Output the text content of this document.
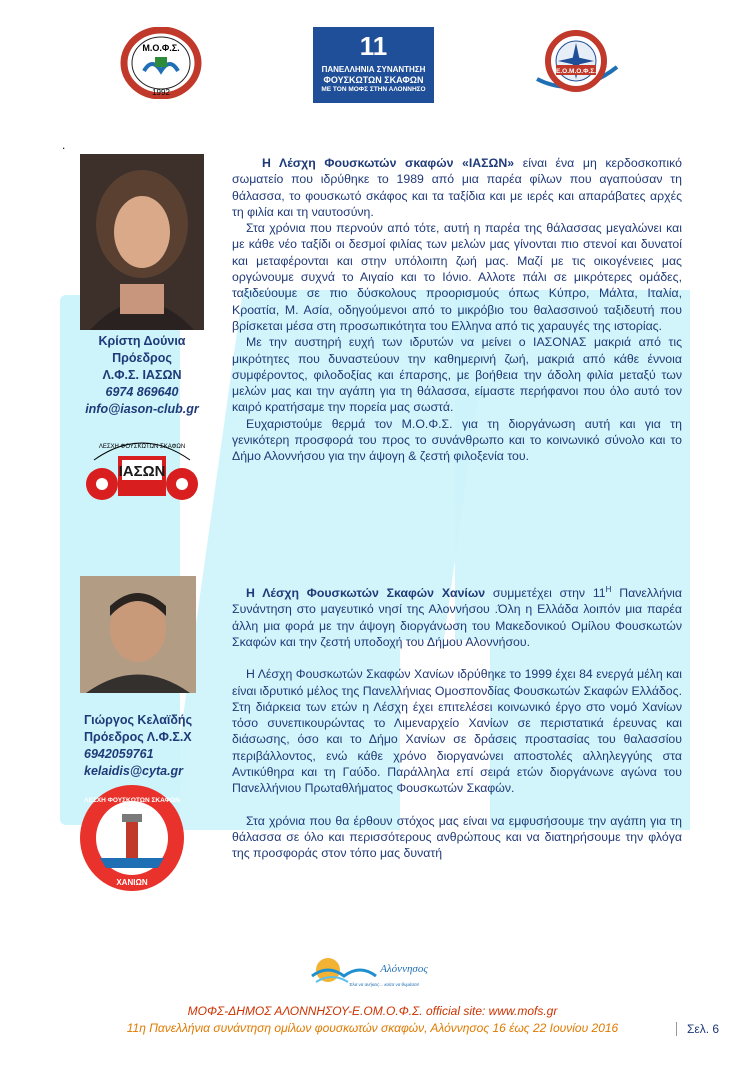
1992
Μ.Ο.Φ.Σ.	11
ΠΑΝΕΛΛΗΝΙΑ ΣΥΝΑΝΤΗΣΗ
ΦΟΥΣΚΩΤΩΝ ΣΚΑΦΩΝ
ΜΕ ΤΟΝ ΜΟΦΣ ΣΤΗΝ ΑΛΟΝΝΗΣΟ
Ε.Ο.Μ.Ο.Φ.Σ.
.
Κρίστη Δούνια
Πρόεδρος
Λ.Φ.Σ. ΙΑΣΩΝ
6974 869640
info@iason-club.gr
ΛΕΣΧΗ ΦΟΥΣΚΩΤΩΝ ΣΚΑΦΩΝ
ΙΑΣΩΝ

Η Λέσχη Φουσκωτών σκαφών «ΙΑΣΩΝ» είναι ένα μη κερδοσκοπικό σωματείο που ιδρύθηκε το 1989 από μια παρέα φίλων που αγαπούσαν τη θάλασσα, το φουσκωτό σκάφος και τα ταξίδια και με ιερές και απαράβατες αρχές τη φιλία και τη ναυτοσύνη.

Στα χρόνια που περνούν από τότε, αυτή η παρέα της θάλασσας μεγαλώνει και με κάθε νέο ταξίδι οι δεσμοί φιλίας των μελών μας γίνονται πιο στενοί και δυνατοί και μεταφέρονται και στην υπόλοιπη ζωή μας. Μαζί με τις οικογένειες μας οργώνουμε συχνά το Αιγαίο και το Ιόνιο. Αλλοτε πάλι σε μικρότερες ομάδες, ταξιδεύουμε σε πιο δύσκολους προορισμούς όπως Κύπρο, Μάλτα, Ιταλία, Κροατία, Μ. Ασία, οδηγούμενοι από το μικρόβιο του θαλασσινού ταξιδευτή που βρίσκεται μέσα στη προσωπικότητα του Ελληνα από τις χαραυγές της ιστορίας.

Με την αυστηρή ευχή των ιδρυτών να μείνει ο ΙΑΣΟΝΑΣ μακριά από τις μικρότητες που δυναστεύουν την καθημερινή ζωή, μακριά από κάθε έννοια συμφέροντος, φιλοδοξίας και έπαρσης, με βοήθεια την άδολη φιλία μεταξύ των μελών μας και την αγάπη για τη θάλασσα, είμαστε περήφανοι που όλο αυτό τον καιρό κρατήσαμε την πορεία μας σωστά.

Ευχαριστούμε θερμά τον Μ.Ο.Φ.Σ. για τη διοργάνωση αυτή και για τη γενικότερη προσφορά του προς το συνάνθρωπο και το κοινωνικό σύνολο και το Δήμο Αλοννήσου για την άψογη & ζεστή φιλοξενία του.

Γιώργος Κελαϊδής
Πρόεδρος Λ.Φ.Σ.Χ
6942059761
kelaidis@cyta.gr
ΛΕΣΧΗ ΦΟΥΣΚΩΤΩΝ ΣΚΑΦΩΝ
ΧΑΝΙΩΝ

Η Λέσχη Φουσκωτών Σκαφών Χανίων συμμετέχει στην $11^H$ Πανελλήνια Συνάντηση στο μαγευτικό νησί της Αλοννήσου .Όλη η Ελλάδα λοιπόν μια παρέα άλλη μια φορά με την άψογη διοργάνωση του Μακεδονικού Ομίλου Φουσκωτών Σκαφών και την ζεστή υποδοχή του Δήμου Αλοννήσου.

Η Λέσχη Φουσκωτών Σκαφών Χανίων ιδρύθηκε το 1999 έχει 84 ενεργά μέλη και είναι ιδρυτικό μέλος της Πανελλήνιας Ομοσπονδίας Φουσκωτών Σκαφών Ελλάδος. Στη διάρκεια των ετών η Λέσχη έχει επιτελέσει κοινωνικό έργο στο νομό Χανίων τόσο συνεπικουρώντας το Λιμεναρχείο Χανίων σε περιστατικά έρευνας και διάσωσης, όσο και το Δήμο Χανίων σε δράσεις προστασίας του θαλασσίου περιβάλλοντος, ενώ κάθε χρόνο διοργανώνει αποστολές αλληλεγγύης στα Αντικύθηρα και τη Γαύδο. Παράλληλα επί σειρά ετών διοργάνωνε αγώνα του Πανελλήνιου Πρωταθλήματος Φουσκωτών Σκαφών.

Στα χρόνια που θα έρθουν στόχος μας είναι να εμφυσήσουμε την αγάπη για τη θάλασσα σε όλο και περισσότερους ανθρώπους και να διατηρήσουμε την φλόγα της προσφοράς στον τόπο μας δυνατή

Αλόννησος
Έλα να ανήκεις... κοίτα να θυμάσαι!
ΜΟΦΣ-ΔΗΜΟΣ ΑΛΟΝΝΗΣΟΥ-Ε.ΟΜ.Ο.Φ.Σ. official site: www.mofs.gr
11η Πανελλήνια συνάντηση ομίλων φουσκωτών σκαφών, Αλόννησος 16 έως 22 Ιουνίου 2016	Σελ. 6
